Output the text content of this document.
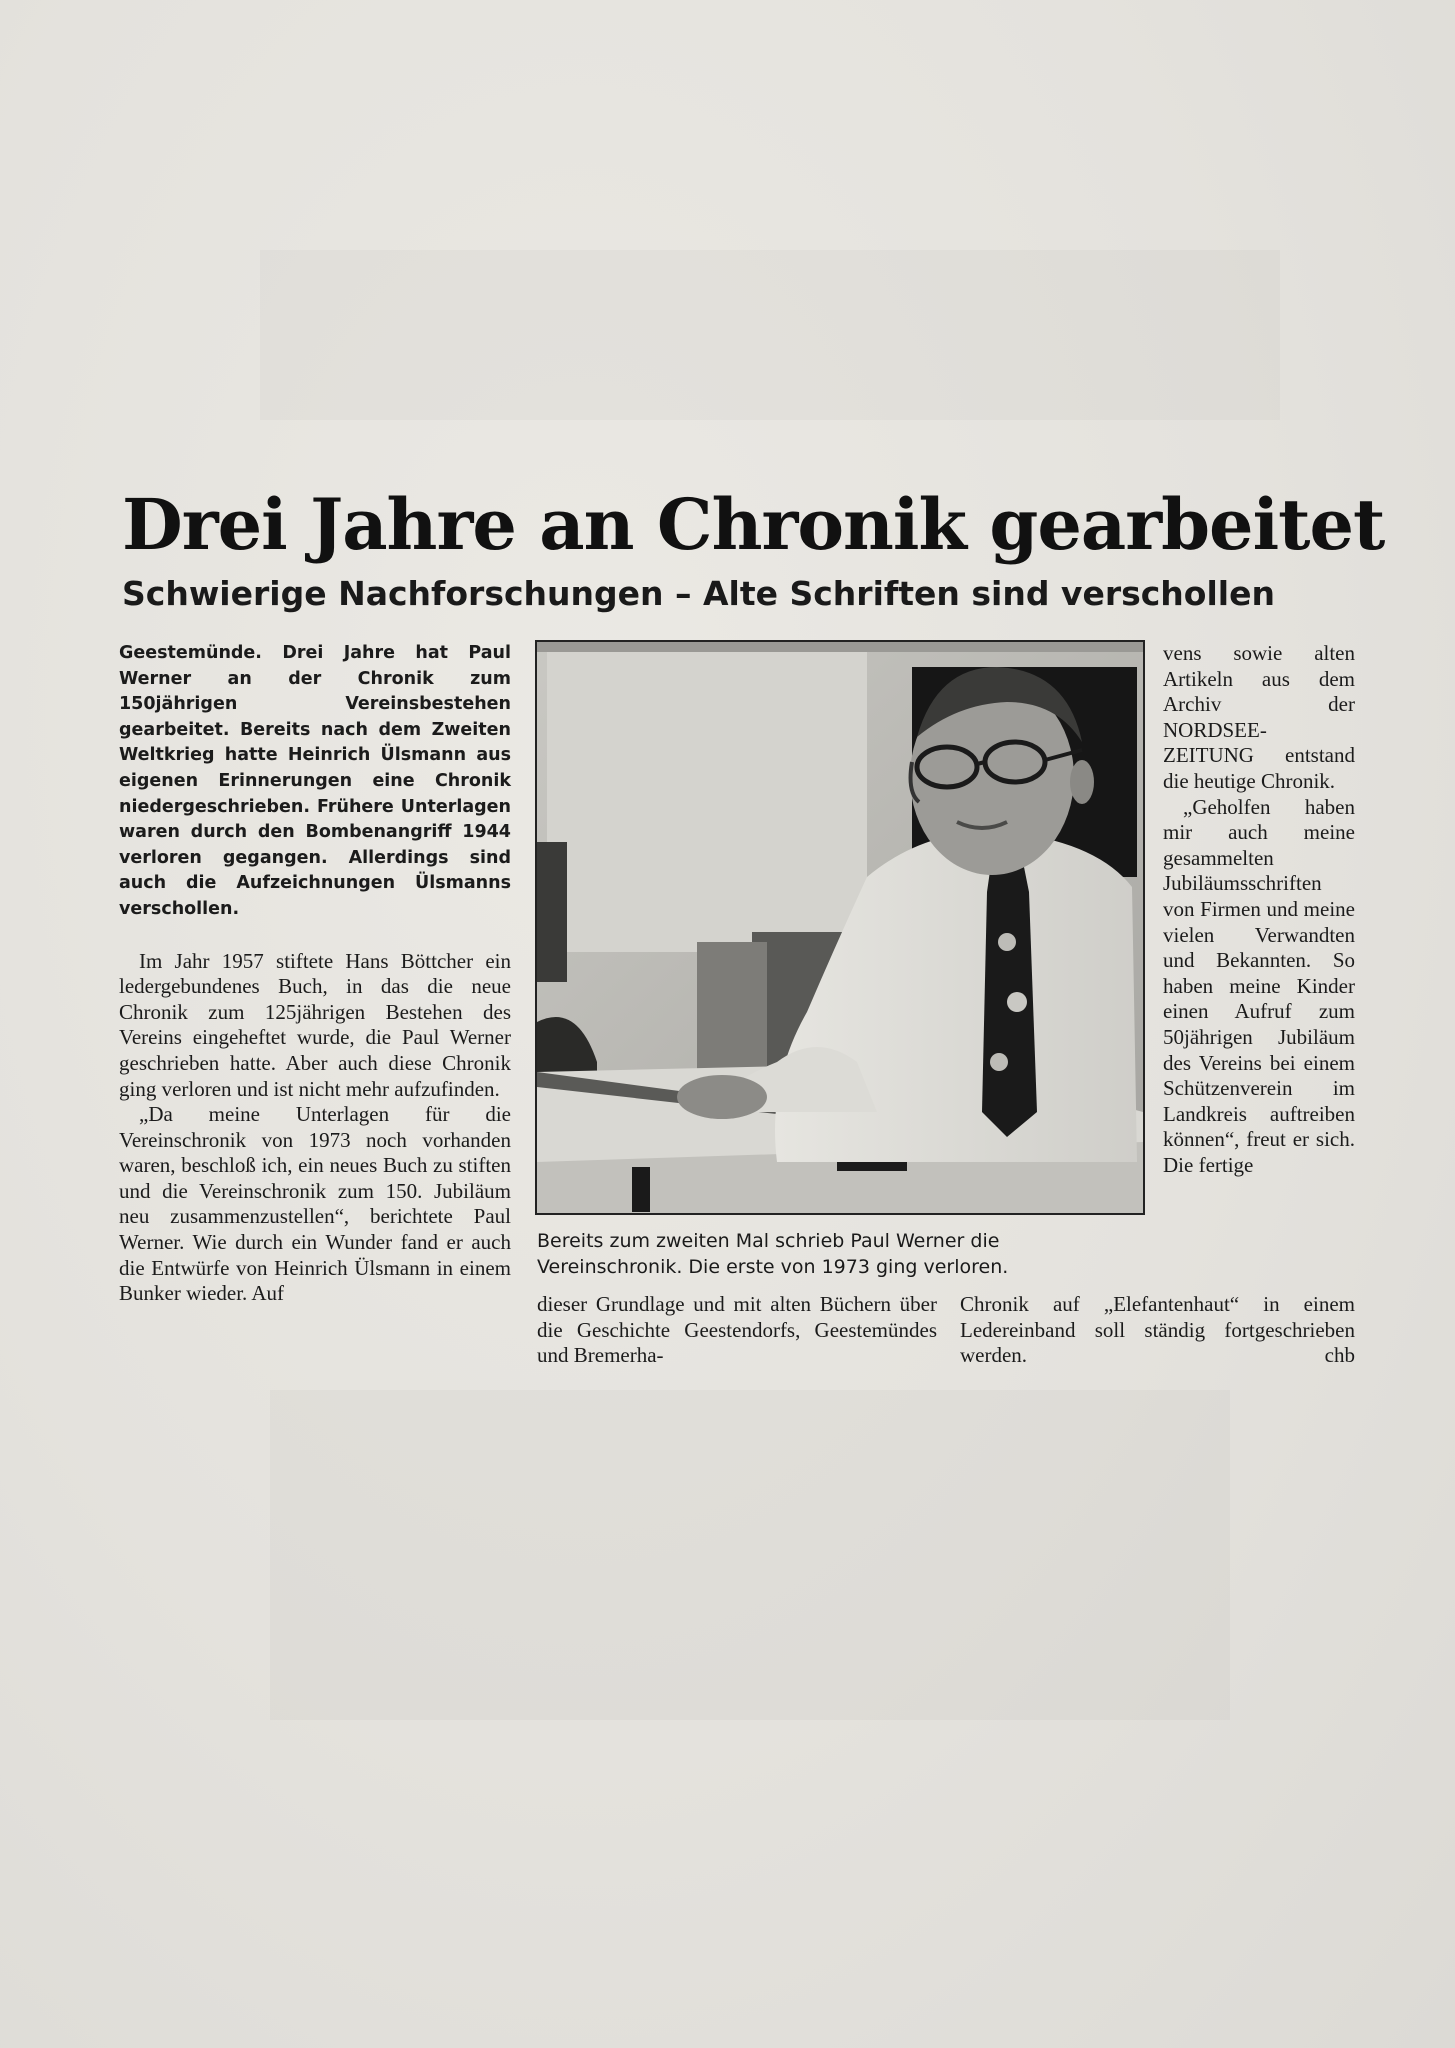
Drei Jahre an Chronik gearbeitet
Schwierige Nachforschungen – Alte Schriften sind verschollen

Geestemünde. Drei Jahre hat Paul Werner an der Chronik zum 150jährigen Vereinsbestehen gearbeitet. Bereits nach dem Zweiten Weltkrieg hatte Heinrich Ülsmann aus eigenen Erinnerungen eine Chronik niedergeschrieben. Frühere Unterlagen waren durch den Bombenangriff 1944 verloren gegangen. Allerdings sind auch die Aufzeichnungen Ülsmanns verschollen.

Im Jahr 1957 stiftete Hans Böttcher ein ledergebundenes Buch, in das die neue Chronik zum 125jährigen Bestehen des Vereins eingeheftet wurde, die Paul Werner geschrieben hatte. Aber auch diese Chronik ging verloren und ist nicht mehr aufzufinden.

„Da meine Unterlagen für die Vereinschronik von 1973 noch vorhanden waren, beschloß ich, ein neues Buch zu stiften und die Vereinschronik zum 150. Jubiläum neu zusammenzustellen“, berichtete Paul Werner. Wie durch ein Wunder fand er auch die Entwürfe von Heinrich Ülsmann in einem Bunker wieder. Auf

Bereits zum zweiten Mal schrieb Paul Werner die Vereinschronik. Die erste von 1973 ging verloren.

dieser Grundlage und mit alten Büchern über die Geschichte Geestendorfs, Geestemündes und Bremerha-

vens sowie alten Artikeln aus dem Archiv der NORDSEE-ZEITUNG entstand die heutige Chronik.

„Geholfen haben mir auch meine gesammelten Jubiläumsschriften von Firmen und meine vielen Verwandten und Bekannten. So haben meine Kinder einen Aufruf zum 50jährigen Jubiläum des Vereins bei einem Schützenverein im Landkreis auftreiben können“, freut er sich. Die fertige

Chronik auf „Elefantenhaut“ in einem Ledereinband soll ständig fortgeschrieben werden.	chb
